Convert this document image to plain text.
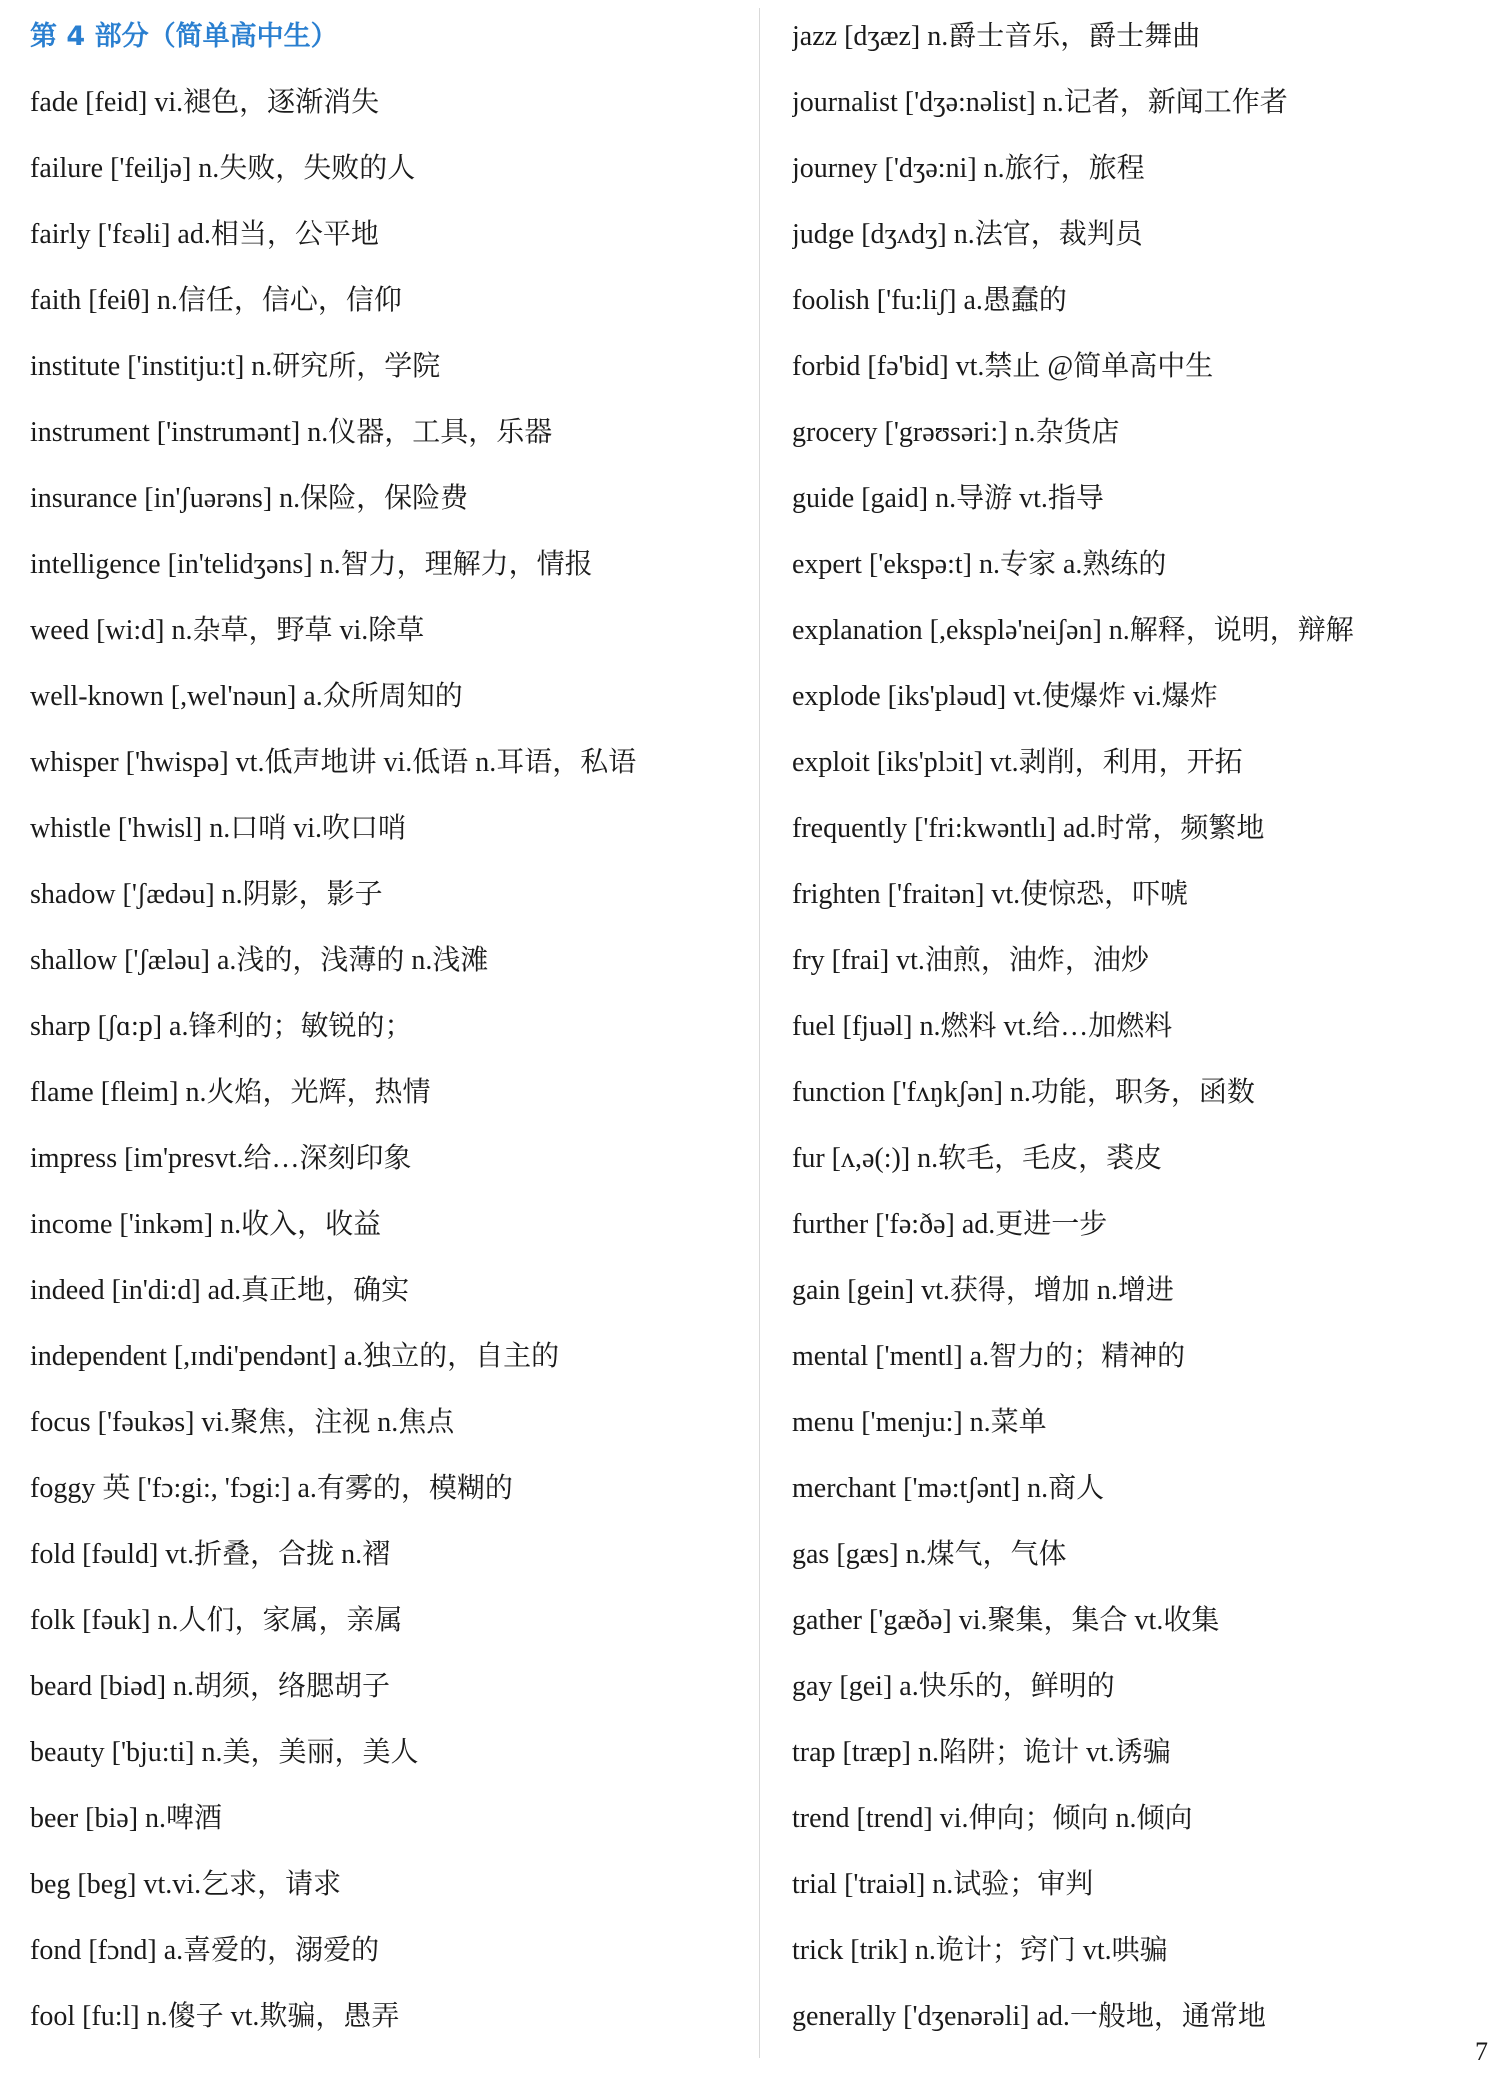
第 4 部分（简单高中生）
fade [feid] vi.褪色，逐渐消失
failure ['feiljə] n.失败，失败的人
fairly ['fɛəli] ad.相当，公平地
faith [feiθ] n.信任，信心，信仰
institute ['institju:t] n.研究所，学院
instrument ['instrumənt] n.仪器，工具，乐器
insurance [in'ʃuərəns] n.保险，保险费
intelligence [in'telidʒəns] n.智力，理解力，情报
weed [wi:d] n.杂草，野草 vi.除草
well-known [,wel'nəun] a.众所周知的
whisper ['hwispə] vt.低声地讲 vi.低语 n.耳语，私语
whistle ['hwisl] n.口哨 vi.吹口哨
shadow ['ʃædəu] n.阴影，影子
shallow ['ʃæləu] a.浅的，浅薄的 n.浅滩
sharp [ʃɑ:p] a.锋利的；敏锐的；
flame [fleim] n.火焰，光辉，热情
impress [im'presvt.给…深刻印象
income ['inkəm] n.收入，收益
indeed [in'di:d] ad.真正地，确实
independent [,ɪndi'pendənt] a.独立的，自主的
focus ['fəukəs] vi.聚焦，注视 n.焦点
foggy 英 ['fɔ:gi:, 'fɔgi:] a.有雾的，模糊的
fold [fəuld] vt.折叠，合拢 n.褶
folk [fəuk] n.人们，家属，亲属
beard [biəd] n.胡须，络腮胡子
beauty ['bju:ti] n.美，美丽，美人
beer [biə] n.啤酒
beg [beg] vt.vi.乞求，请求
fond [fɔnd] a.喜爱的，溺爱的
fool [fu:l] n.傻子 vt.欺骗，愚弄
jazz [dʒæz] n.爵士音乐，爵士舞曲
journalist ['dʒə:nəlist] n.记者，新闻工作者
journey ['dʒə:ni] n.旅行，旅程
judge [dʒʌdʒ] n.法官，裁判员
foolish ['fu:liʃ] a.愚蠢的
forbid [fə'bid] vt.禁止 @简单高中生
grocery ['grəʊsəri:] n.杂货店
guide [gaid] n.导游 vt.指导
expert ['ekspə:t] n.专家 a.熟练的
explanation [,eksplə'neiʃən] n.解释，说明，辩解
explode [iks'pləud] vt.使爆炸 vi.爆炸
exploit [iks'plɔit] vt.剥削，利用，开拓
frequently ['fri:kwəntlı] ad.时常，频繁地
frighten ['fraitən] vt.使惊恐，吓唬
fry [frai] vt.油煎，油炸，油炒
fuel [fjuəl] n.燃料 vt.给…加燃料
function ['fʌŋkʃən] n.功能，职务，函数
fur [ʌ,ə(:)] n.软毛，毛皮，裘皮
further ['fə:ðə] ad.更进一步
gain [gein] vt.获得，增加 n.增进
mental ['mentl] a.智力的；精神的
menu ['menju:] n.菜单
merchant ['mə:tʃənt] n.商人
gas [gæs] n.煤气，气体
gather ['gæðə] vi.聚集，集合 vt.收集
gay [gei] a.快乐的，鲜明的
trap [træp] n.陷阱；诡计 vt.诱骗
trend [trend] vi.伸向；倾向 n.倾向
trial ['traiəl] n.试验；审判
trick [trik] n.诡计；窍门 vt.哄骗
generally ['dʒenərəli] ad.一般地，通常地
7
